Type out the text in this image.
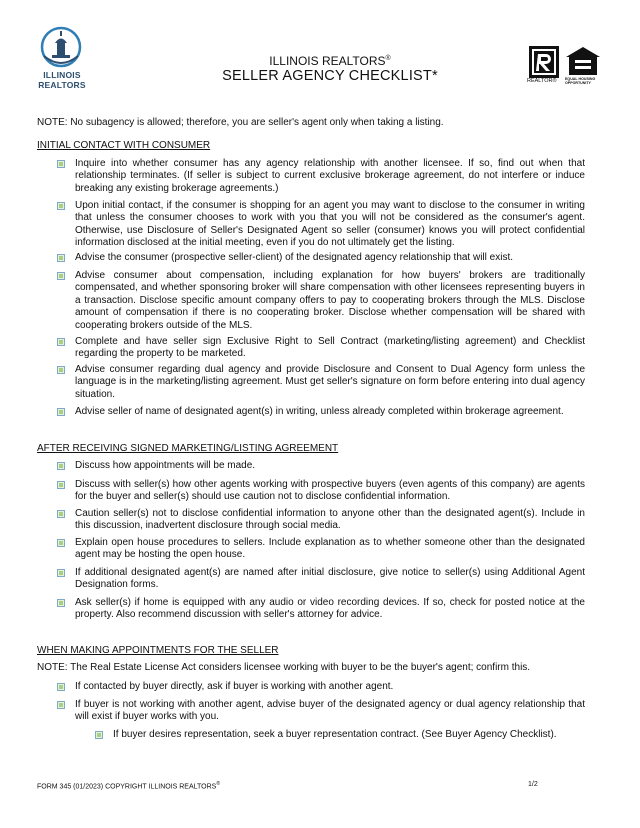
ILLINOIS
REALTORS
ILLINOIS REALTORS®
SELLER AGENCY CHECKLIST*	REALTOR® EQUAL HOUSING OPPORTUNITY
NOTE: No subagency is allowed; therefore, you are seller's agent only when taking a listing.
INITIAL CONTACT WITH CONSUMER
Inquire into whether consumer has any agency relationship with another licensee. If so, find out when that relationship terminates. (If seller is subject to current exclusive brokerage agreement, do not interfere or induce breaking any existing brokerage agreements.)
Upon initial contact, if the consumer is shopping for an agent you may want to disclose to the consumer in writing that unless the consumer chooses to work with you that you will not be considered as the consumer's agent. Otherwise, use Disclosure of Seller's Designated Agent so seller (consumer) knows you will protect confidential information disclosed at the initial meeting, even if you do not ultimately get the listing.
Advise the consumer (prospective seller-client) of the designated agency relationship that will exist.
Advise consumer about compensation, including explanation for how buyers' brokers are traditionally compensated, and whether sponsoring broker will share compensation with other licensees representing buyers in a transaction. Disclose specific amount company offers to pay to cooperating brokers through the MLS. Disclose amount of compensation if there is no cooperating broker. Disclose whether compensation will be shared with cooperating brokers outside of the MLS.
Complete and have seller sign Exclusive Right to Sell Contract (marketing/listing agreement) and Checklist regarding the property to be marketed.
Advise consumer regarding dual agency and provide Disclosure and Consent to Dual Agency form unless the language is in the marketing/listing agreement. Must get seller's signature on form before entering into dual agency situation.
Advise seller of name of designated agent(s) in writing, unless already completed within brokerage agreement.
AFTER RECEIVING SIGNED MARKETING/LISTING AGREEMENT
Discuss how appointments will be made.
Discuss with seller(s) how other agents working with prospective buyers (even agents of this company) are agents for the buyer and seller(s) should use caution not to disclose confidential information.
Caution seller(s) not to disclose confidential information to anyone other than the designated agent(s). Include in this discussion, inadvertent disclosure through social media.
Explain open house procedures to sellers. Include explanation as to whether someone other than the designated agent may be hosting the open house.
If additional designated agent(s) are named after initial disclosure, give notice to seller(s) using Additional Agent Designation forms.
Ask seller(s) if home is equipped with any audio or video recording devices. If so, check for posted notice at the property. Also recommend discussion with seller's attorney for advice.
WHEN MAKING APPOINTMENTS FOR THE SELLER
NOTE: The Real Estate License Act considers licensee working with buyer to be the buyer's agent; confirm this.
If contacted by buyer directly, ask if buyer is working with another agent.
If buyer is not working with another agent, advise buyer of the designated agency or dual agency relationship that will exist if buyer works with you.
If buyer desires representation, seek a buyer representation contract. (See Buyer Agency Checklist).
FORM 345 (01/2023) COPYRIGHT ILLINOIS REALTORS®	1/2
